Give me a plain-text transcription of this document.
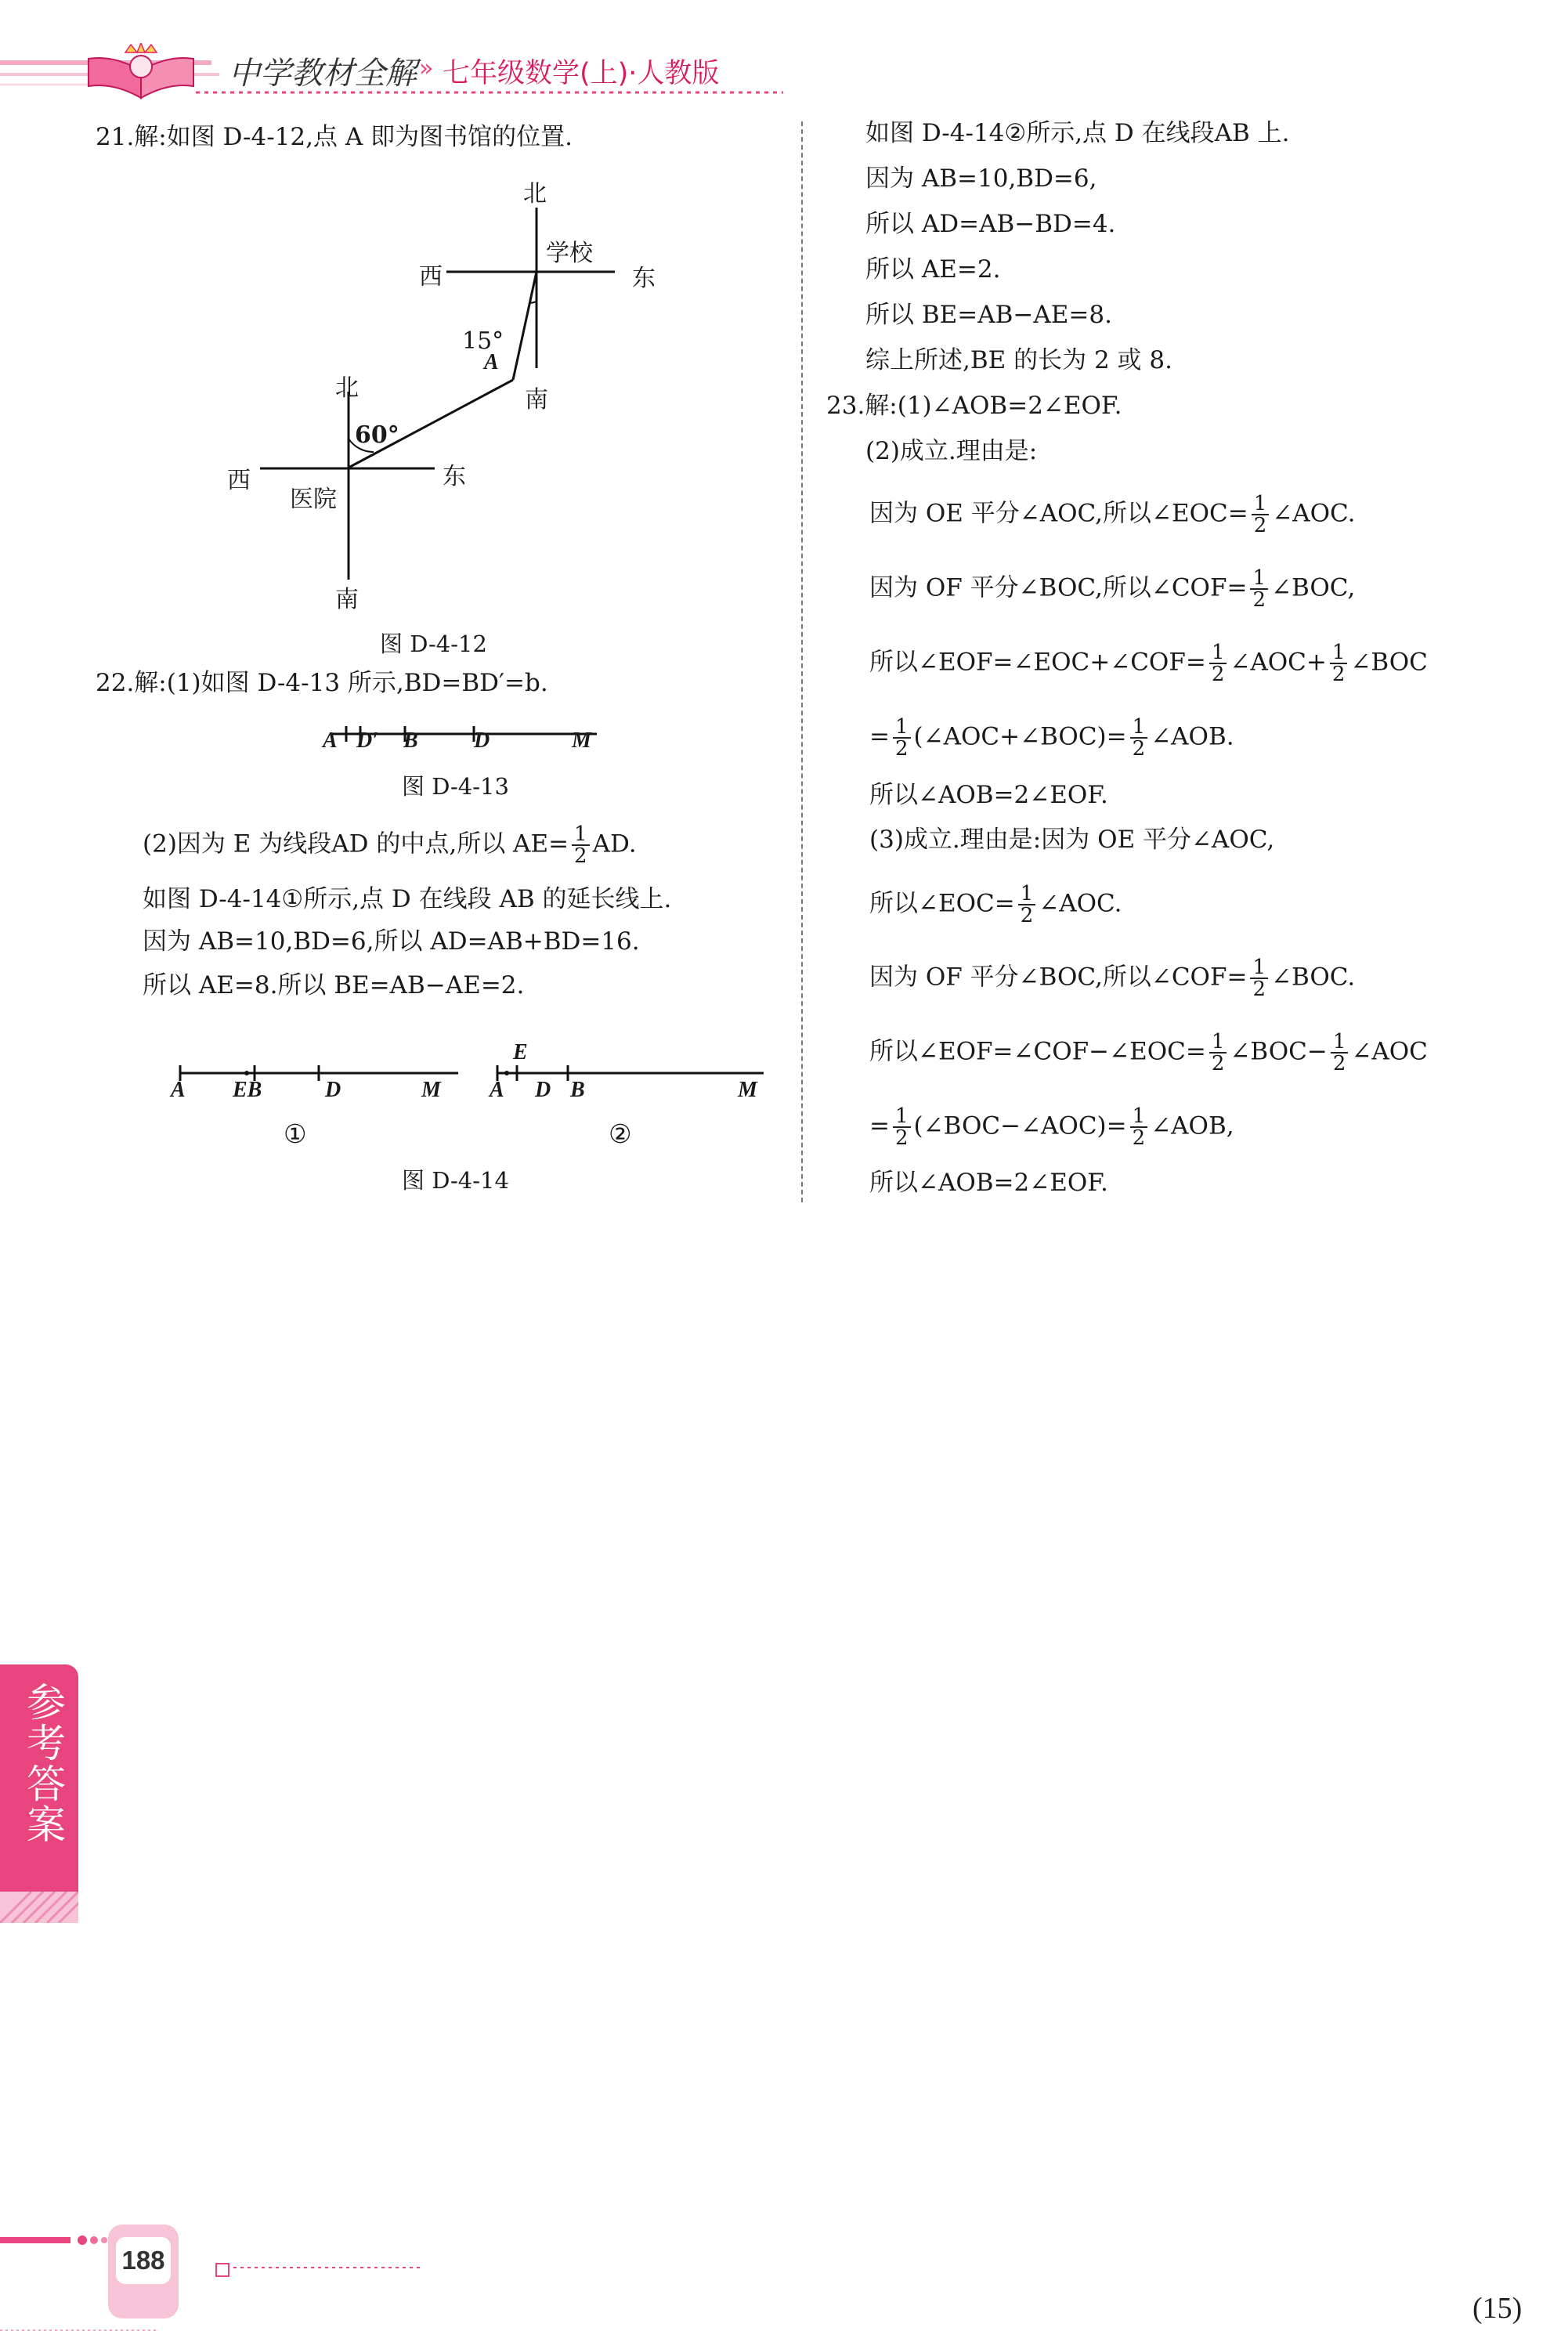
中学教材全解 » 七年级数学(上)·人教版
21.解:如图 D-4-12,点 A 即为图书馆的位置.
北
学校
西	东
15°
A
南
北
60°
西
医院
东
南
图 D-4-12
22.解:(1)如图 D-4-13 所示,BD=BD′=b.
A D′ B	D	M
图 D-4-13
(2)因为 E 为线段AD 的中点,所以 $AE= \frac{1}{2}$ AD.
如图 D-4-14①所示,点 D 在线段 AB 的延长线上.
因为 AB=10,BD=6,所以 AD=AB+BD=16.
所以 AE=8.所以 BE=AB−AE=2.
A EB	D	M
E
A D B	M
①	②
图 D-4-14
如图 D-4-14②所示,点 D 在线段AB 上.
因为 AB=10,BD=6,
所以 AD=AB−BD=4.
所以 AE=2.
所以 BE=AB−AE=8.
综上所述,BE 的长为 2 或 8.
23.解:(1)∠AOB=2∠EOF.
(2)成立.理由是:
因为 OE 平分∠AOC,所以∠EOC= $\frac{1}{2}$ ∠AOC.
因为 OF 平分∠BOC,所以∠COF= $\frac{1}{2}$ ∠BOC,
所以∠EOF=∠EOC+∠COF= $\frac{1}{2}$ ∠AOC+ $\frac{1}{2}$ ∠BOC
= $\frac{1}{2}$ (∠AOC+∠BOC)= $\frac{1}{2}$ ∠AOB.
所以∠AOB=2∠EOF.
(3)成立.理由是:因为 OE 平分∠AOC,
所以∠EOC= $\frac{1}{2}$ ∠AOC.
因为 OF 平分∠BOC,所以∠COF= $\frac{1}{2}$ ∠BOC.
所以∠EOF=∠COF−∠EOC= $\frac{1}{2}$ ∠BOC− $\frac{1}{2}$ ∠AOC
= $\frac{1}{2}$ (∠BOC−∠AOC)= $\frac{1}{2}$ ∠AOB,
所以∠AOB=2∠EOF.
参考答案
188
(15)
